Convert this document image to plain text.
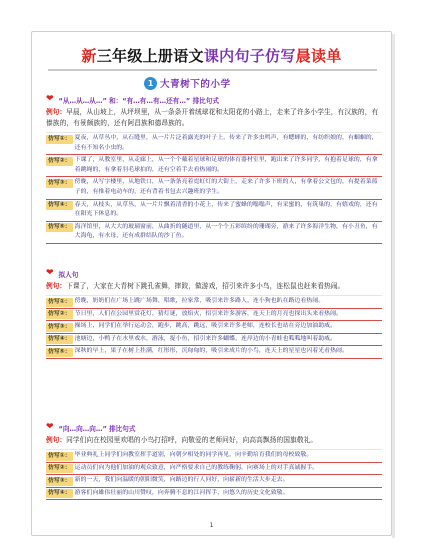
新三年级上册语文课内句子仿写晨读单
1 大青树下的小学
❤ “从…从…从…” 和：“有…有…有…还有…” 排比句式
例句：早晨，从山坡上，从坪坝里，从一条条开着绒球花和太阳花的小路上，走来了许多小学生，有汉族的，有傣族的，有景颇族的，还有阿昌族和德昂族的。
仿写①： 夏夜，从草丛中，从石缝里，从一片片泛着露光的叶子上，传来了许多虫鸣声，有蟋蟀的，有纺织娘的，有蝈蝈的，还有不知名小虫的。
仿写②： 下课了，从教室里，从走廊上，从一个个戴着星球和足球的体育器材室里，跑出来了许多同学，有抱着足球的，有拿着跳绳的，有拿着羽毛球拍的，还有空着手去看热闹的。
仿写③： 傍晚，从写字楼里，从地铁口，从一条条亮着霓虹灯的大街上，走来了许多下班的人，有拿着公文包的，有提着菜篮子的，有推着电动车的，还有背着书包去兴趣班的学生。
仿写④： 春天，从枝头，从草丛，从一片片飘着清香的小花上，传来了蜜蜂的嗡嗡声，有采蜜的，有筑巢的，有嬉戏的，还有在阳光下休息的。
仿写⑤： 海洋馆里，从大大的玻璃窗前，从曲折的隧道里，从一个个五彩缤纷的珊瑚旁，游来了许多海洋生物，有小丑鱼，有大海龟，有水母，还有成群结队的沙丁鱼。
❤ 拟人句
例句：下课了，大家在大青树下跳孔雀舞，摔跤，做游戏，招引来许多小鸟，连松鼠也赶来看热闹。
仿写①： 傍晚，奶奶们在广场上跳广场舞，唱歌，拉家常，吸引来许多路人，连小狗也趴在路边看热闹。
仿写②： 节日里，人们在公园里赏花灯，猜灯谜，放焰火，招引来许多游客，连天上的月亮也探出头来看热闹。
仿写③： 操场上，同学们在举行运动会，跑步，跳高，跳远，吸引来许多老师，连校长也站在旁边加油助威。
仿写④： 池塘边，小鸭子在水里戏水，游泳，捉小鱼，招引来许多蝴蝶，连岸边的小青蛙也呱呱地叫着助威。
仿写⑤： 深秋的早上，果子在树上挂满，红彤彤，沉甸甸的，吸引来成片的小鸟，连天上的星星也闪着光看热闹。
❤ “向…向…向…” 排比句式
例句：同学们向在校园里欢唱的小鸟打招呼，向敬爱的老师问好，向高高飘扬的国旗敬礼。
仿写①： 毕业典礼上同学们向教室挥手道别，向朝夕相处的同学再见，向辛勤培育我们的母校致敬。
仿写②： 运动员们向为他们加油的观众致意，向严格要求自己的教练鞠躬，向赛场上的对手真诚握手。
仿写③： 新的一天，我们向温暖的朝阳微笑，向路边的行人问好，向崭新的生活大步走去。
仿写④： 游客们向雄伟壮丽的山川赞叹，向奔腾不息的江河挥手，向悠久的历史文化致敬。
1
